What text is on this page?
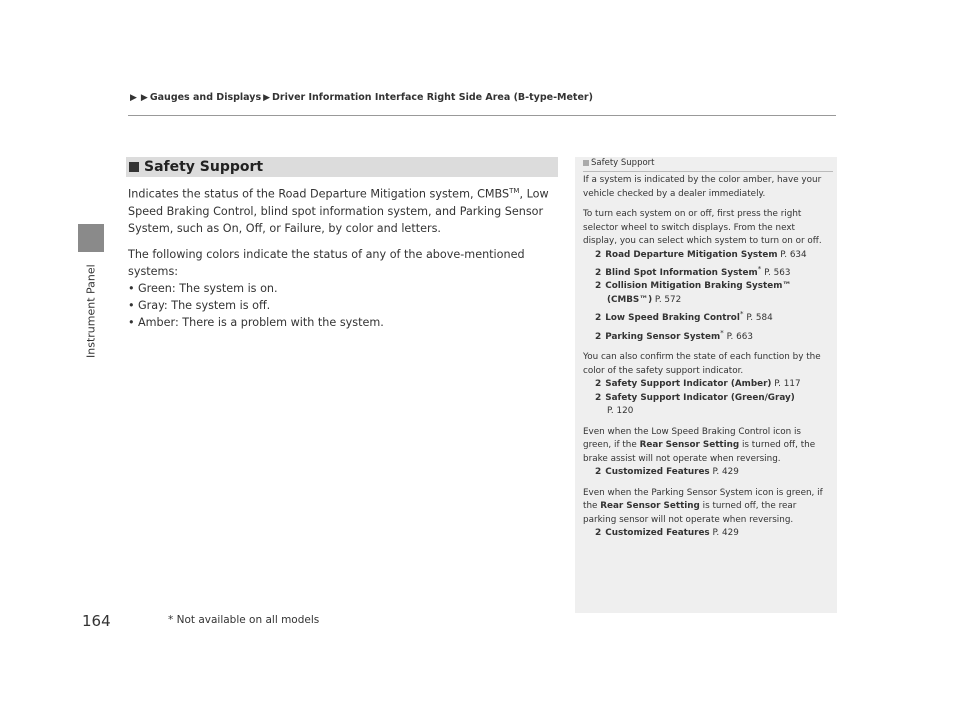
▶ ▶ Gauges and Displays ▶ Driver Information Interface Right Side Area (B-type-Meter)
Instrument Panel
Safety Support

Indicates the status of the Road Departure Mitigation system, CMBS™, Low Speed Braking Control, blind spot information system, and Parking Sensor System, such as On, Off, or Failure, by color and letters.

The following colors indicate the status of any of the above-mentioned systems:

• Green: The system is on.
• Gray: The system is off.
• Amber: There is a problem with the system.
Safety Support

If a system is indicated by the color amber, have your vehicle checked by a dealer immediately.

To turn each system on or off, first press the right selector wheel to switch displays. From the next display, you can select which system to turn on or off.
2 Road Departure Mitigation System P. 634
2 Blind Spot Information System* P. 563
2 Collision Mitigation Braking System™
(CMBS™) P. 572
2 Low Speed Braking Control* P. 584
2 Parking Sensor System* P. 663

You can also confirm the state of each function by the color of the safety support indicator.
2 Safety Support Indicator (Amber) P. 117
2 Safety Support Indicator (Green/Gray)
P. 120

Even when the Low Speed Braking Control icon is green, if the Rear Sensor Setting is turned off, the brake assist will not operate when reversing.
2 Customized Features P. 429

Even when the Parking Sensor System icon is green, if the Rear Sensor Setting is turned off, the rear parking sensor will not operate when reversing.
2 Customized Features P. 429

164	* Not available on all models
